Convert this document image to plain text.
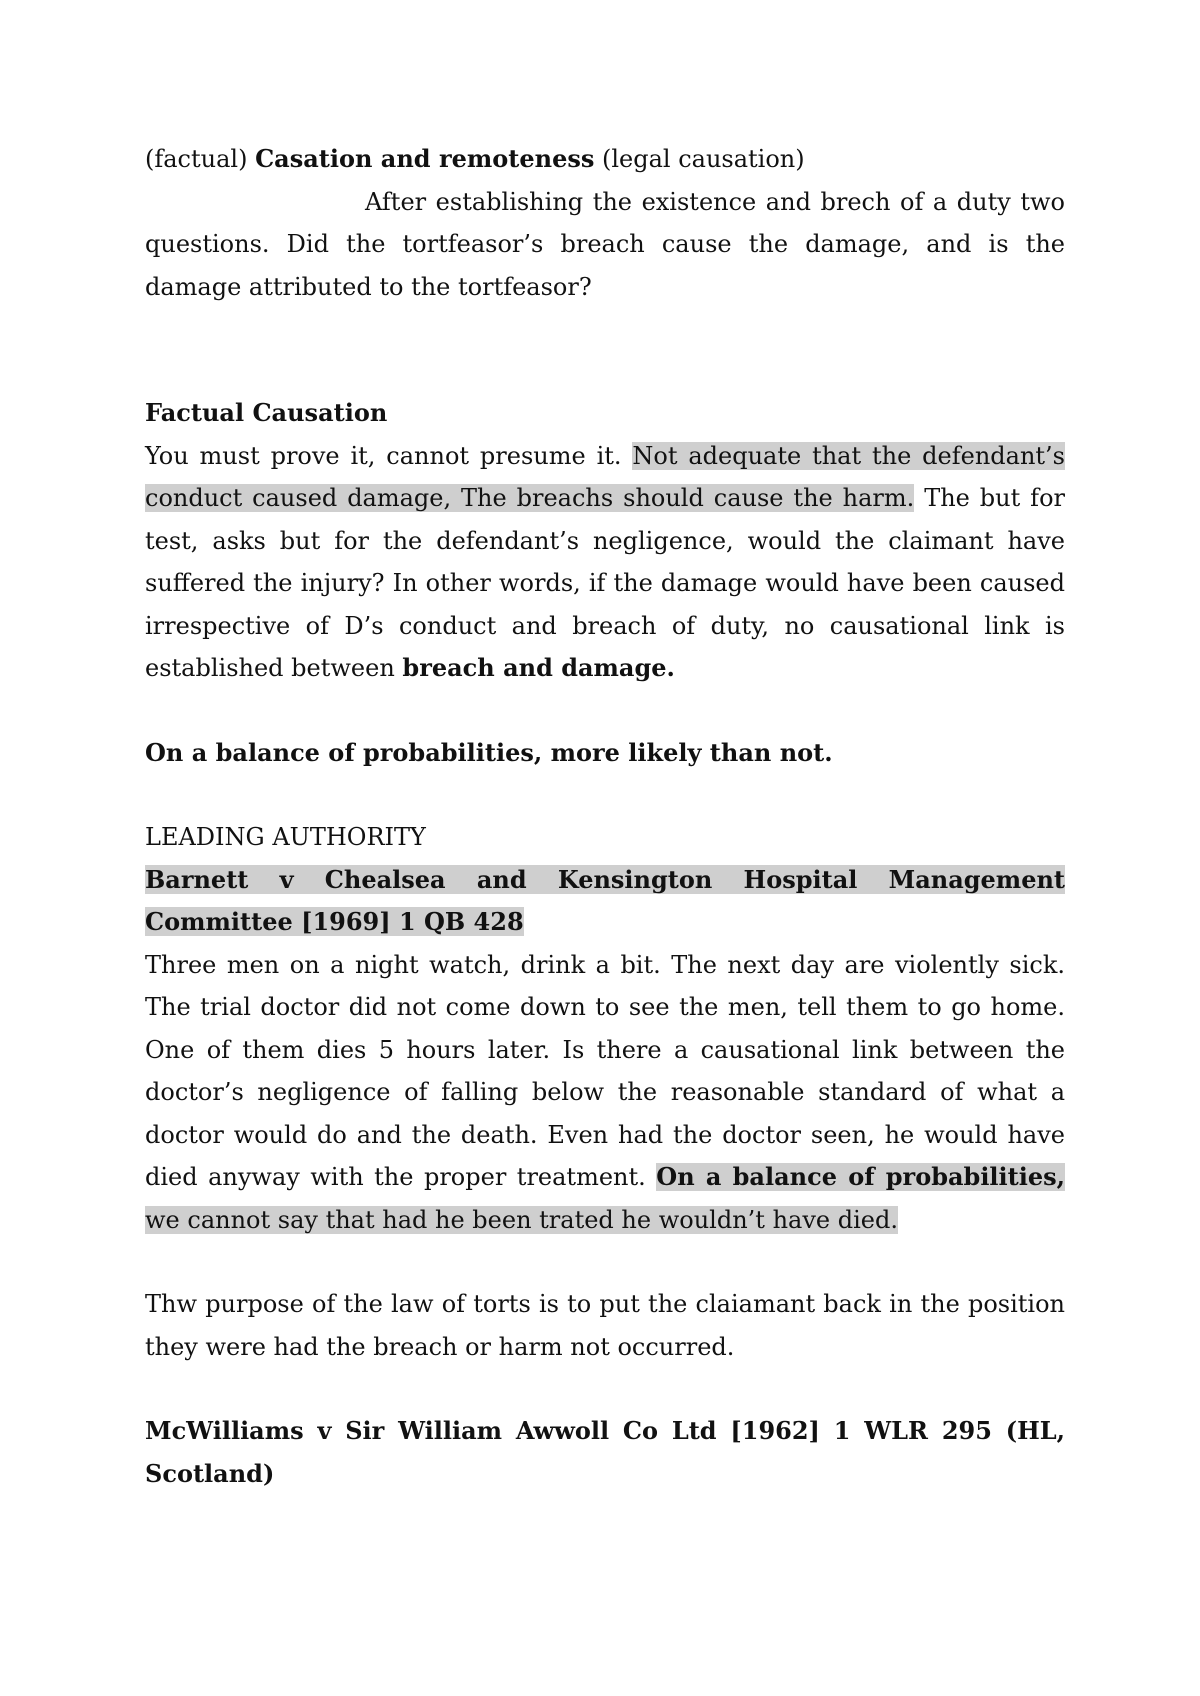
(factual) Casation and remoteness (legal causation)

After establishing the existence and brech of a duty two questions. Did the tortfeasor’s breach cause the damage, and is the damage attributed to the tortfeasor?

Factual Causation

You must prove it, cannot presume it. Not adequate that the defendant’s conduct caused damage, The breachs should cause the harm. The but for test, asks but for the defendant’s negligence, would the claimant have suffered the injury? In other words, if the damage would have been caused irrespective of D’s conduct and breach of duty, no causational link is established between breach and damage.

On a balance of probabilities, more likely than not.

LEADING AUTHORITY

Barnett v Chealsea and Kensington Hospital Management Committee [1969] 1 QB 428

Three men on a night watch, drink a bit. The next day are violently sick. The trial doctor did not come down to see the men, tell them to go home. One of them dies 5 hours later. Is there a causational link between the doctor’s negligence of falling below the reasonable standard of what a doctor would do and the death. Even had the doctor seen, he would have died anyway with the proper treatment. On a balance of probabilities, we cannot say that had he been trated he wouldn’t have died.

Thw purpose of the law of torts is to put the claiamant back in the position they were had the breach or harm not occurred.

McWilliams v Sir William Awwoll Co Ltd [1962] 1 WLR 295 (HL, Scotland)
